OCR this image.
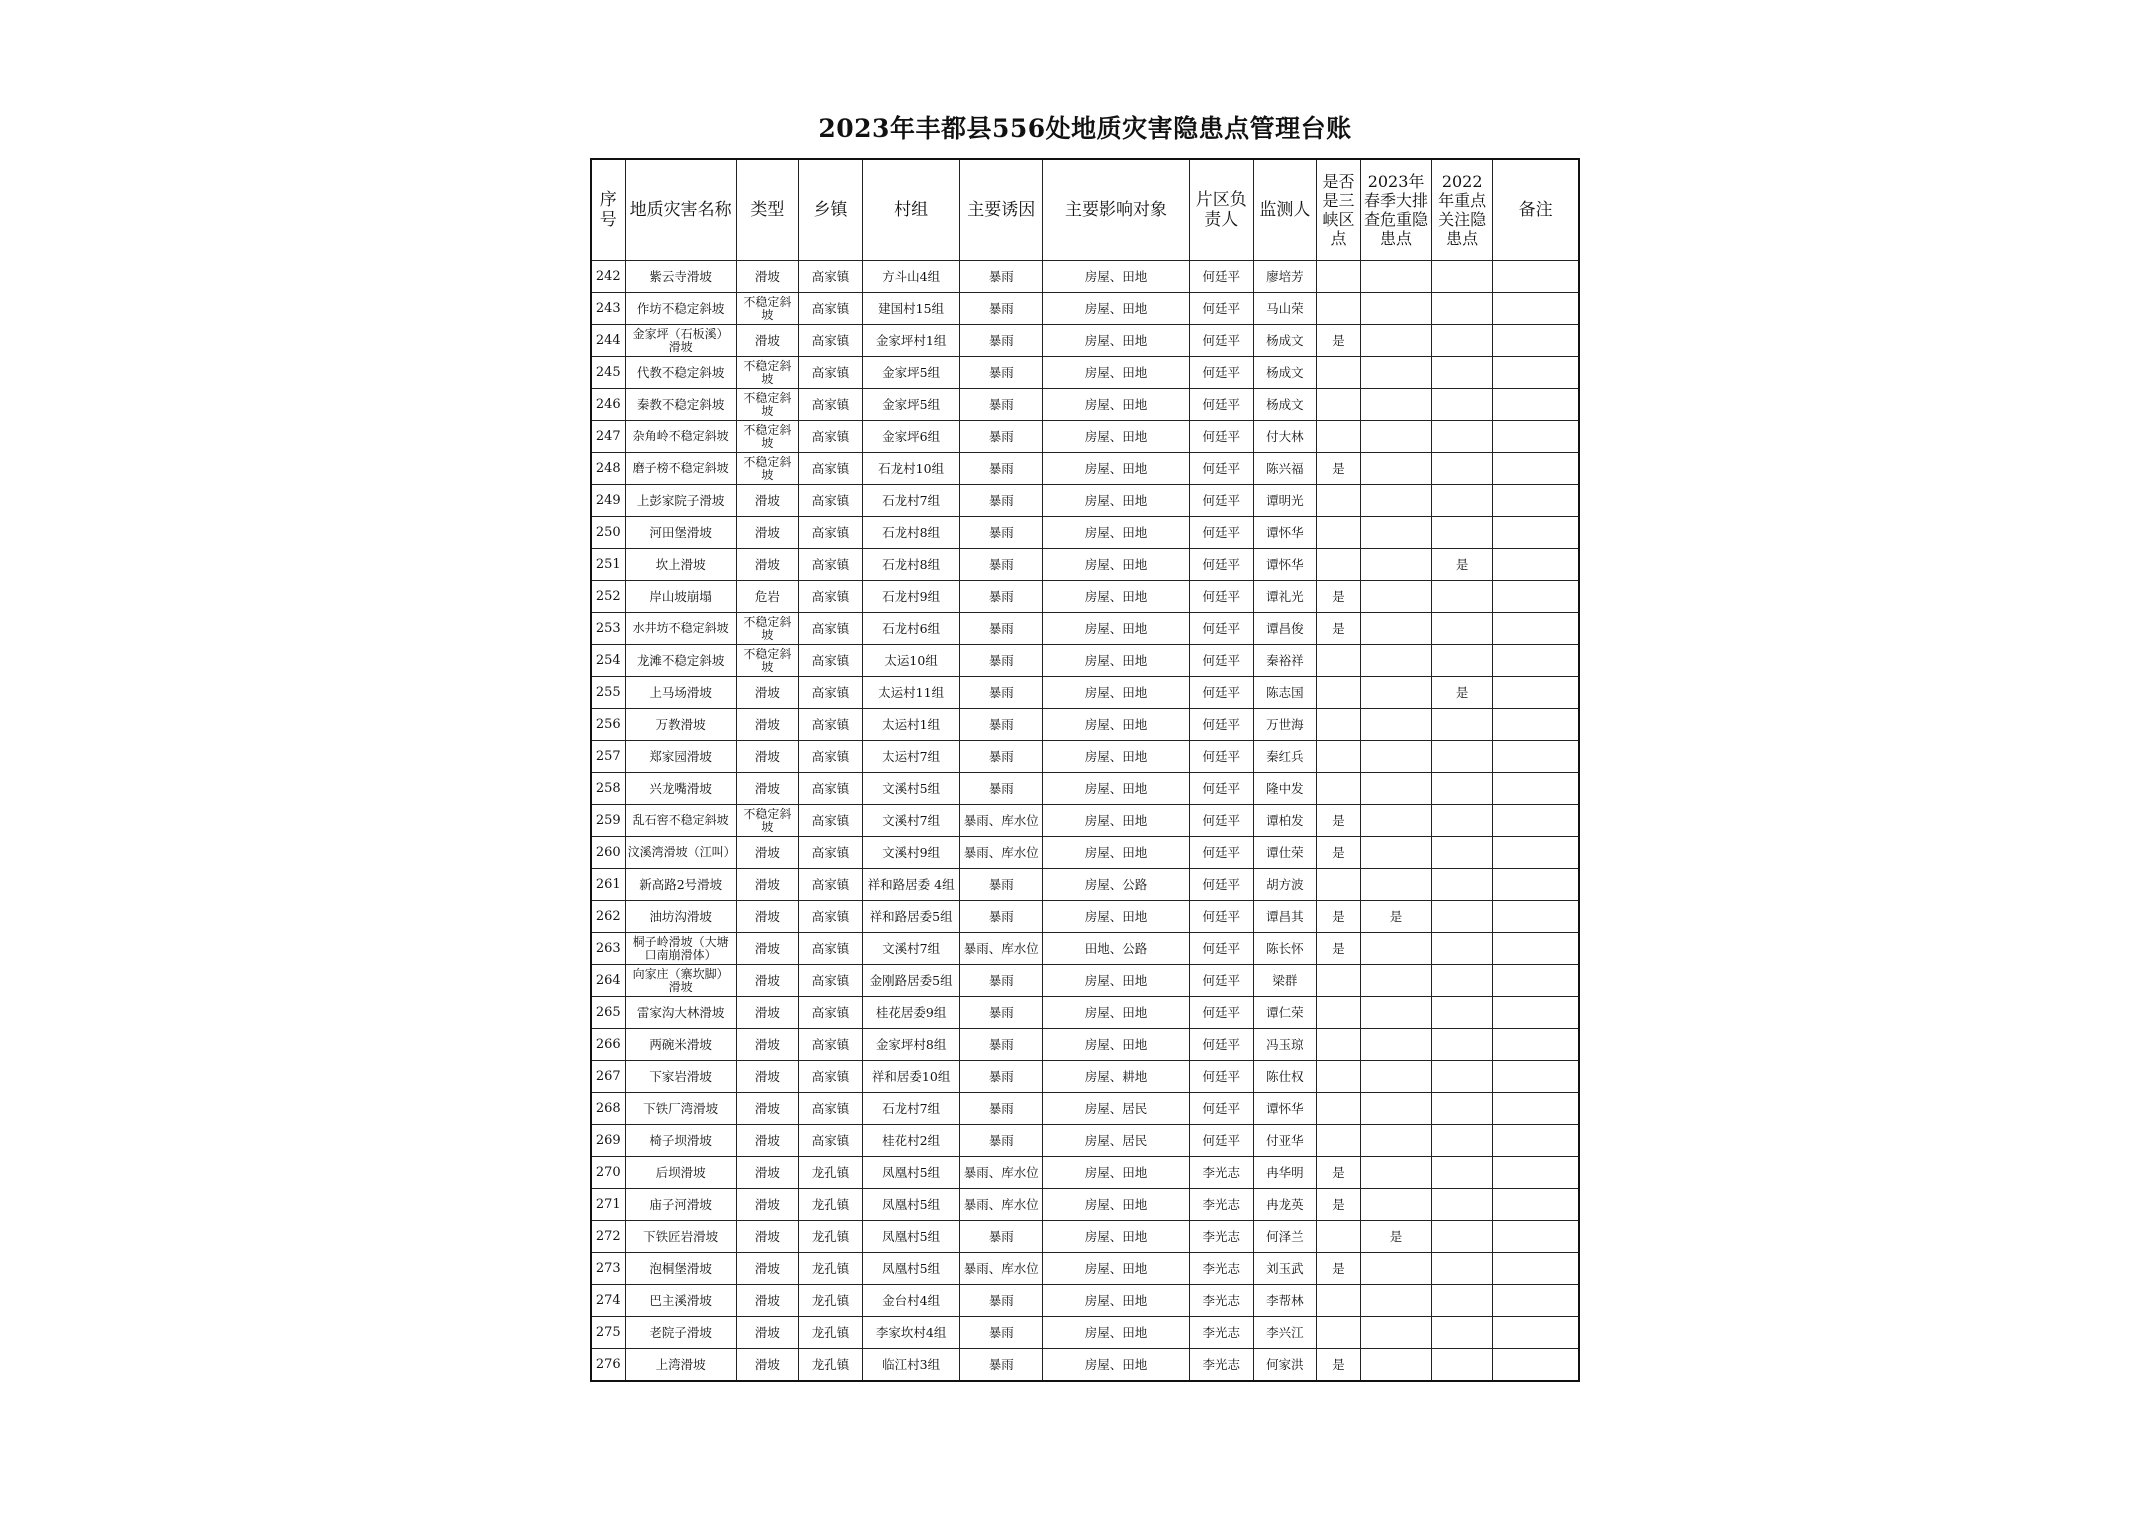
2023年丰都县556处地质灾害隐患点管理台账
序号	地质灾害名称	类型	乡镇	村组	主要诱因	主要影响对象	片区负责人	监测人	是否是三峡区点	2023年春季大排查危重隐患点	2022年重点关注隐患点	备注
242	紫云寺滑坡	滑坡	高家镇	方斗山4组	暴雨	房屋、田地	何廷平	廖培芳				
243	作坊不稳定斜坡	不稳定斜坡	高家镇	建国村15组	暴雨	房屋、田地	何廷平	马山荣				
244	金家坪（石板溪）滑坡	滑坡	高家镇	金家坪村1组	暴雨	房屋、田地	何廷平	杨成文	是			
245	代教不稳定斜坡	不稳定斜坡	高家镇	金家坪5组	暴雨	房屋、田地	何廷平	杨成文				
246	秦教不稳定斜坡	不稳定斜坡	高家镇	金家坪5组	暴雨	房屋、田地	何廷平	杨成文				
247	杂角岭不稳定斜坡	不稳定斜坡	高家镇	金家坪6组	暴雨	房屋、田地	何廷平	付大林				
248	磨子榜不稳定斜坡	不稳定斜坡	高家镇	石龙村10组	暴雨	房屋、田地	何廷平	陈兴福	是			
249	上彭家院子滑坡	滑坡	高家镇	石龙村7组	暴雨	房屋、田地	何廷平	谭明光				
250	河田堡滑坡	滑坡	高家镇	石龙村8组	暴雨	房屋、田地	何廷平	谭怀华				
251	坎上滑坡	滑坡	高家镇	石龙村8组	暴雨	房屋、田地	何廷平	谭怀华			是	
252	岸山坡崩塌	危岩	高家镇	石龙村9组	暴雨	房屋、田地	何廷平	谭礼光	是			
253	水井坊不稳定斜坡	不稳定斜坡	高家镇	石龙村6组	暴雨	房屋、田地	何廷平	谭昌俊	是			
254	龙滩不稳定斜坡	不稳定斜坡	高家镇	太运10组	暴雨	房屋、田地	何廷平	秦裕祥				
255	上马场滑坡	滑坡	高家镇	太运村11组	暴雨	房屋、田地	何廷平	陈志国			是	
256	万教滑坡	滑坡	高家镇	太运村1组	暴雨	房屋、田地	何廷平	万世海				
257	郑家园滑坡	滑坡	高家镇	太运村7组	暴雨	房屋、田地	何廷平	秦红兵				
258	兴龙嘴滑坡	滑坡	高家镇	文溪村5组	暴雨	房屋、田地	何廷平	隆中发				
259	乱石窖不稳定斜坡	不稳定斜坡	高家镇	文溪村7组	暴雨、库水位	房屋、田地	何廷平	谭柏发	是			
260	汶溪湾滑坡（江叫）	滑坡	高家镇	文溪村9组	暴雨、库水位	房屋、田地	何廷平	谭仕荣	是			
261	新高路2号滑坡	滑坡	高家镇	祥和路居委 4组	暴雨	房屋、公路	何廷平	胡方波				
262	油坊沟滑坡	滑坡	高家镇	祥和路居委5组	暴雨	房屋、田地	何廷平	谭昌其	是	是		
263	桐子岭滑坡（大塘口南崩滑体）	滑坡	高家镇	文溪村7组	暴雨、库水位	田地、公路	何廷平	陈长怀	是			
264	向家庄（寨坎脚）滑坡	滑坡	高家镇	金刚路居委5组	暴雨	房屋、田地	何廷平	梁群				
265	雷家沟大林滑坡	滑坡	高家镇	桂花居委9组	暴雨	房屋、田地	何廷平	谭仁荣				
266	两碗米滑坡	滑坡	高家镇	金家坪村8组	暴雨	房屋、田地	何廷平	冯玉琼				
267	下家岩滑坡	滑坡	高家镇	祥和居委10组	暴雨	房屋、耕地	何廷平	陈仕权				
268	下铁厂湾滑坡	滑坡	高家镇	石龙村7组	暴雨	房屋、居民	何廷平	谭怀华				
269	椅子坝滑坡	滑坡	高家镇	桂花村2组	暴雨	房屋、居民	何廷平	付亚华				
270	后坝滑坡	滑坡	龙孔镇	凤凰村5组	暴雨、库水位	房屋、田地	李光志	冉华明	是			
271	庙子河滑坡	滑坡	龙孔镇	凤凰村5组	暴雨、库水位	房屋、田地	李光志	冉龙英	是			
272	下铁匠岩滑坡	滑坡	龙孔镇	凤凰村5组	暴雨	房屋、田地	李光志	何泽兰		是		
273	泡桐堡滑坡	滑坡	龙孔镇	凤凰村5组	暴雨、库水位	房屋、田地	李光志	刘玉武	是			
274	巴主溪滑坡	滑坡	龙孔镇	金台村4组	暴雨	房屋、田地	李光志	李帮林				
275	老院子滑坡	滑坡	龙孔镇	李家坎村4组	暴雨	房屋、田地	李光志	李兴江				
276	上湾滑坡	滑坡	龙孔镇	临江村3组	暴雨	房屋、田地	李光志	何家洪	是			
